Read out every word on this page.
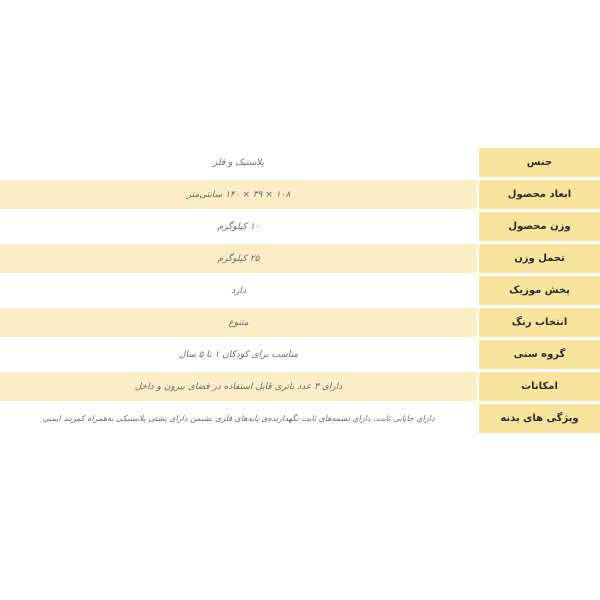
جنس	پلاستیک و فلز
ابعاد محصول	۱۰۸ × ۳۹ × ۱۴۰ سانتی‌متر
وزن محصول	۱۰ کیلوگرم
تحمل وزن	۲۵ کیلوگرم
پخش موزیک	دارد
انتخاب رنگ	متنوع
گروه سنی	مناسب برای کودکان ۱ تا ۵ سال
امکانات	دارای ۳ عدد باتری قابل استفاده در فضای بیرون و داخل
ویژگی های بدنه	دارای جاپایی ثابت، دارای تسمه‌های ثابت نگهدارنده‌ی پایه‌های فلزی نشیمن دارای پشتی پلاستیکی به‌همراه کمربند ایمنی
